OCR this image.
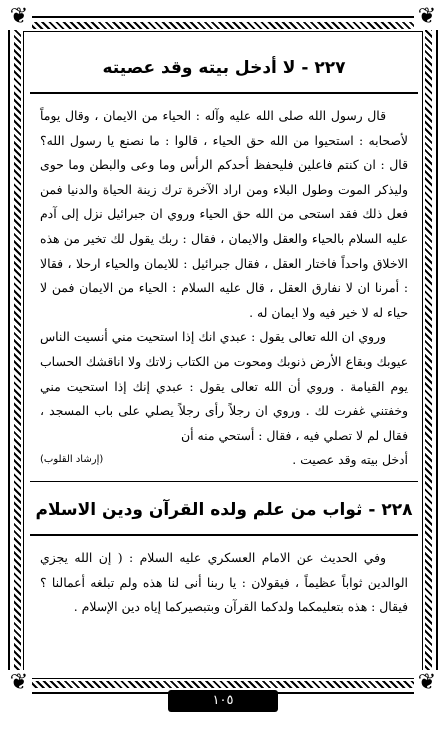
❦	❦
❦	❦
٢٢٧ - لا أدخل بيته وقد عصيته

قال رسول الله صلى الله عليه وآله : الحياء من الايمان ، وقال يوماً لأصحابه : استحيوا من الله حق الحياء ، قالوا : ما نصنع يا رسول الله؟ قال : ان كنتم فاعلين فليحفظ أحدكم الرأس وما وعى والبطن وما حوى وليذكر الموت وطول البلاء ومن اراد الآخرة ترك زينة الحياة والدنيا فمن فعل ذلك فقد استحى من الله حق الحياء وروي ان جبرائيل نزل إلى آدم عليه السلام بالحياء والعقل والايمان ، فقال : ربك يقول لك تخير من هذه الاخلاق واحداً فاختار العقل ، فقال جبرائيل : للايمان والحياء ارحلا ، فقالا : أمرنا ان لا نفارق العقل ، قال عليه السلام : الحياء من الايمان فمن لا حياء له لا خير فيه ولا ايمان له .

وروي ان الله تعالى يقول : عبدي انك إذا استحيت مني أنسيت الناس عيوبك وبقاع الأرض ذنوبك ومحوت من الكتاب زلاتك ولا اناقشك الحساب يوم القيامة . وروي أن الله تعالى يقول : عبدي إنك إذا استحيت مني وخفتني غفرت لك . وروي ان رجلاً رأى رجلاً يصلي على باب المسجد ، فقال لم لا تصلي فيه ، فقال : أستحي منه أن

أدخل بيته وقد عصيت .
(إرشاد القلوب)
٢٢٨ - ثواب من علم ولده القرآن ودين الاسلام

وفي الحديث عن الامام العسكري عليه السلام : ( إن الله يجزي الوالدين ثواباً عظيماً ، فيقولان : يا ربنا أنى لنا هذه ولم تبلغه أعمالنا ؟ فيقال : هذه بتعليمكما ولدكما القرآن وبتبصيركما إياه دين الإسلام .

١٠٥
